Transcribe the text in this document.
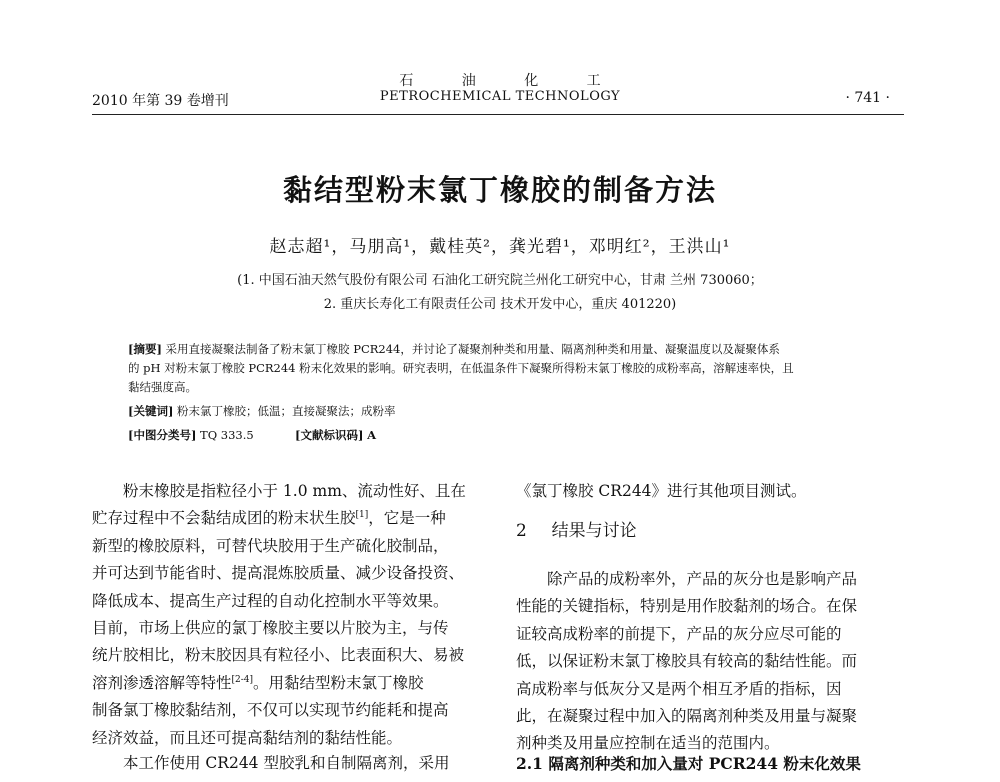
2010 年第 39 卷增刊
石 油 化 工
PETROCHEMICAL TECHNOLOGY	· 741 ·
黏结型粉末氯丁橡胶的制备方法
赵志超¹，马朋高¹，戴桂英²，龚光碧¹，邓明红²，王洪山¹
(1. 中国石油天然气股份有限公司 石油化工研究院兰州化工研究中心，甘肃 兰州 730060；
2. 重庆长寿化工有限责任公司 技术开发中心，重庆 401220)
[摘要] 采用直接凝聚法制备了粉末氯丁橡胶 PCR244，并讨论了凝聚剂种类和用量、隔离剂种类和用量、凝聚温度以及凝聚体系
的 pH 对粉末氯丁橡胶 PCR244 粉末化效果的影响。研究表明，在低温条件下凝聚所得粉末氯丁橡胶的成粉率高，溶解速率快，且
黏结强度高。
[关键词] 粉末氯丁橡胶；低温；直接凝聚法；成粉率
[中图分类号] TQ 333.5	[文献标识码] A
粉末橡胶是指粒径小于 1.0 mm、流动性好、且在
贮存过程中不会黏结成团的粉末状生胶[1]，它是一种
新型的橡胶原料，可替代块胶用于生产硫化胶制品，
并可达到节能省时、提高混炼胶质量、减少设备投资、
降低成本、提高生产过程的自动化控制水平等效果。
目前，市场上供应的氯丁橡胶主要以片胶为主，与传
统片胶相比，粉末胶因具有粒径小、比表面积大、易被
溶剂渗透溶解等特性[2-4]。用黏结型粉末氯丁橡胶
制备氯丁橡胶黏结剂，不仅可以实现节约能耗和提高
经济效益，而且还可提高黏结剂的黏结性能。
本工作使用 CR244 型胶乳和自制隔离剂，采用
《氯丁橡胶 CR244》进行其他项目测试。
2 结果与讨论
除产品的成粉率外，产品的灰分也是影响产品
性能的关键指标，特别是用作胶黏剂的场合。在保
证较高成粉率的前提下，产品的灰分应尽可能的
低，以保证粉末氯丁橡胶具有较高的黏结性能。而
高成粉率与低灰分又是两个相互矛盾的指标，因
此，在凝聚过程中加入的隔离剂种类及用量与凝聚
剂种类及用量应控制在适当的范围内。
2.1 隔离剂种类和加入量对 PCR244 粉末化效果
